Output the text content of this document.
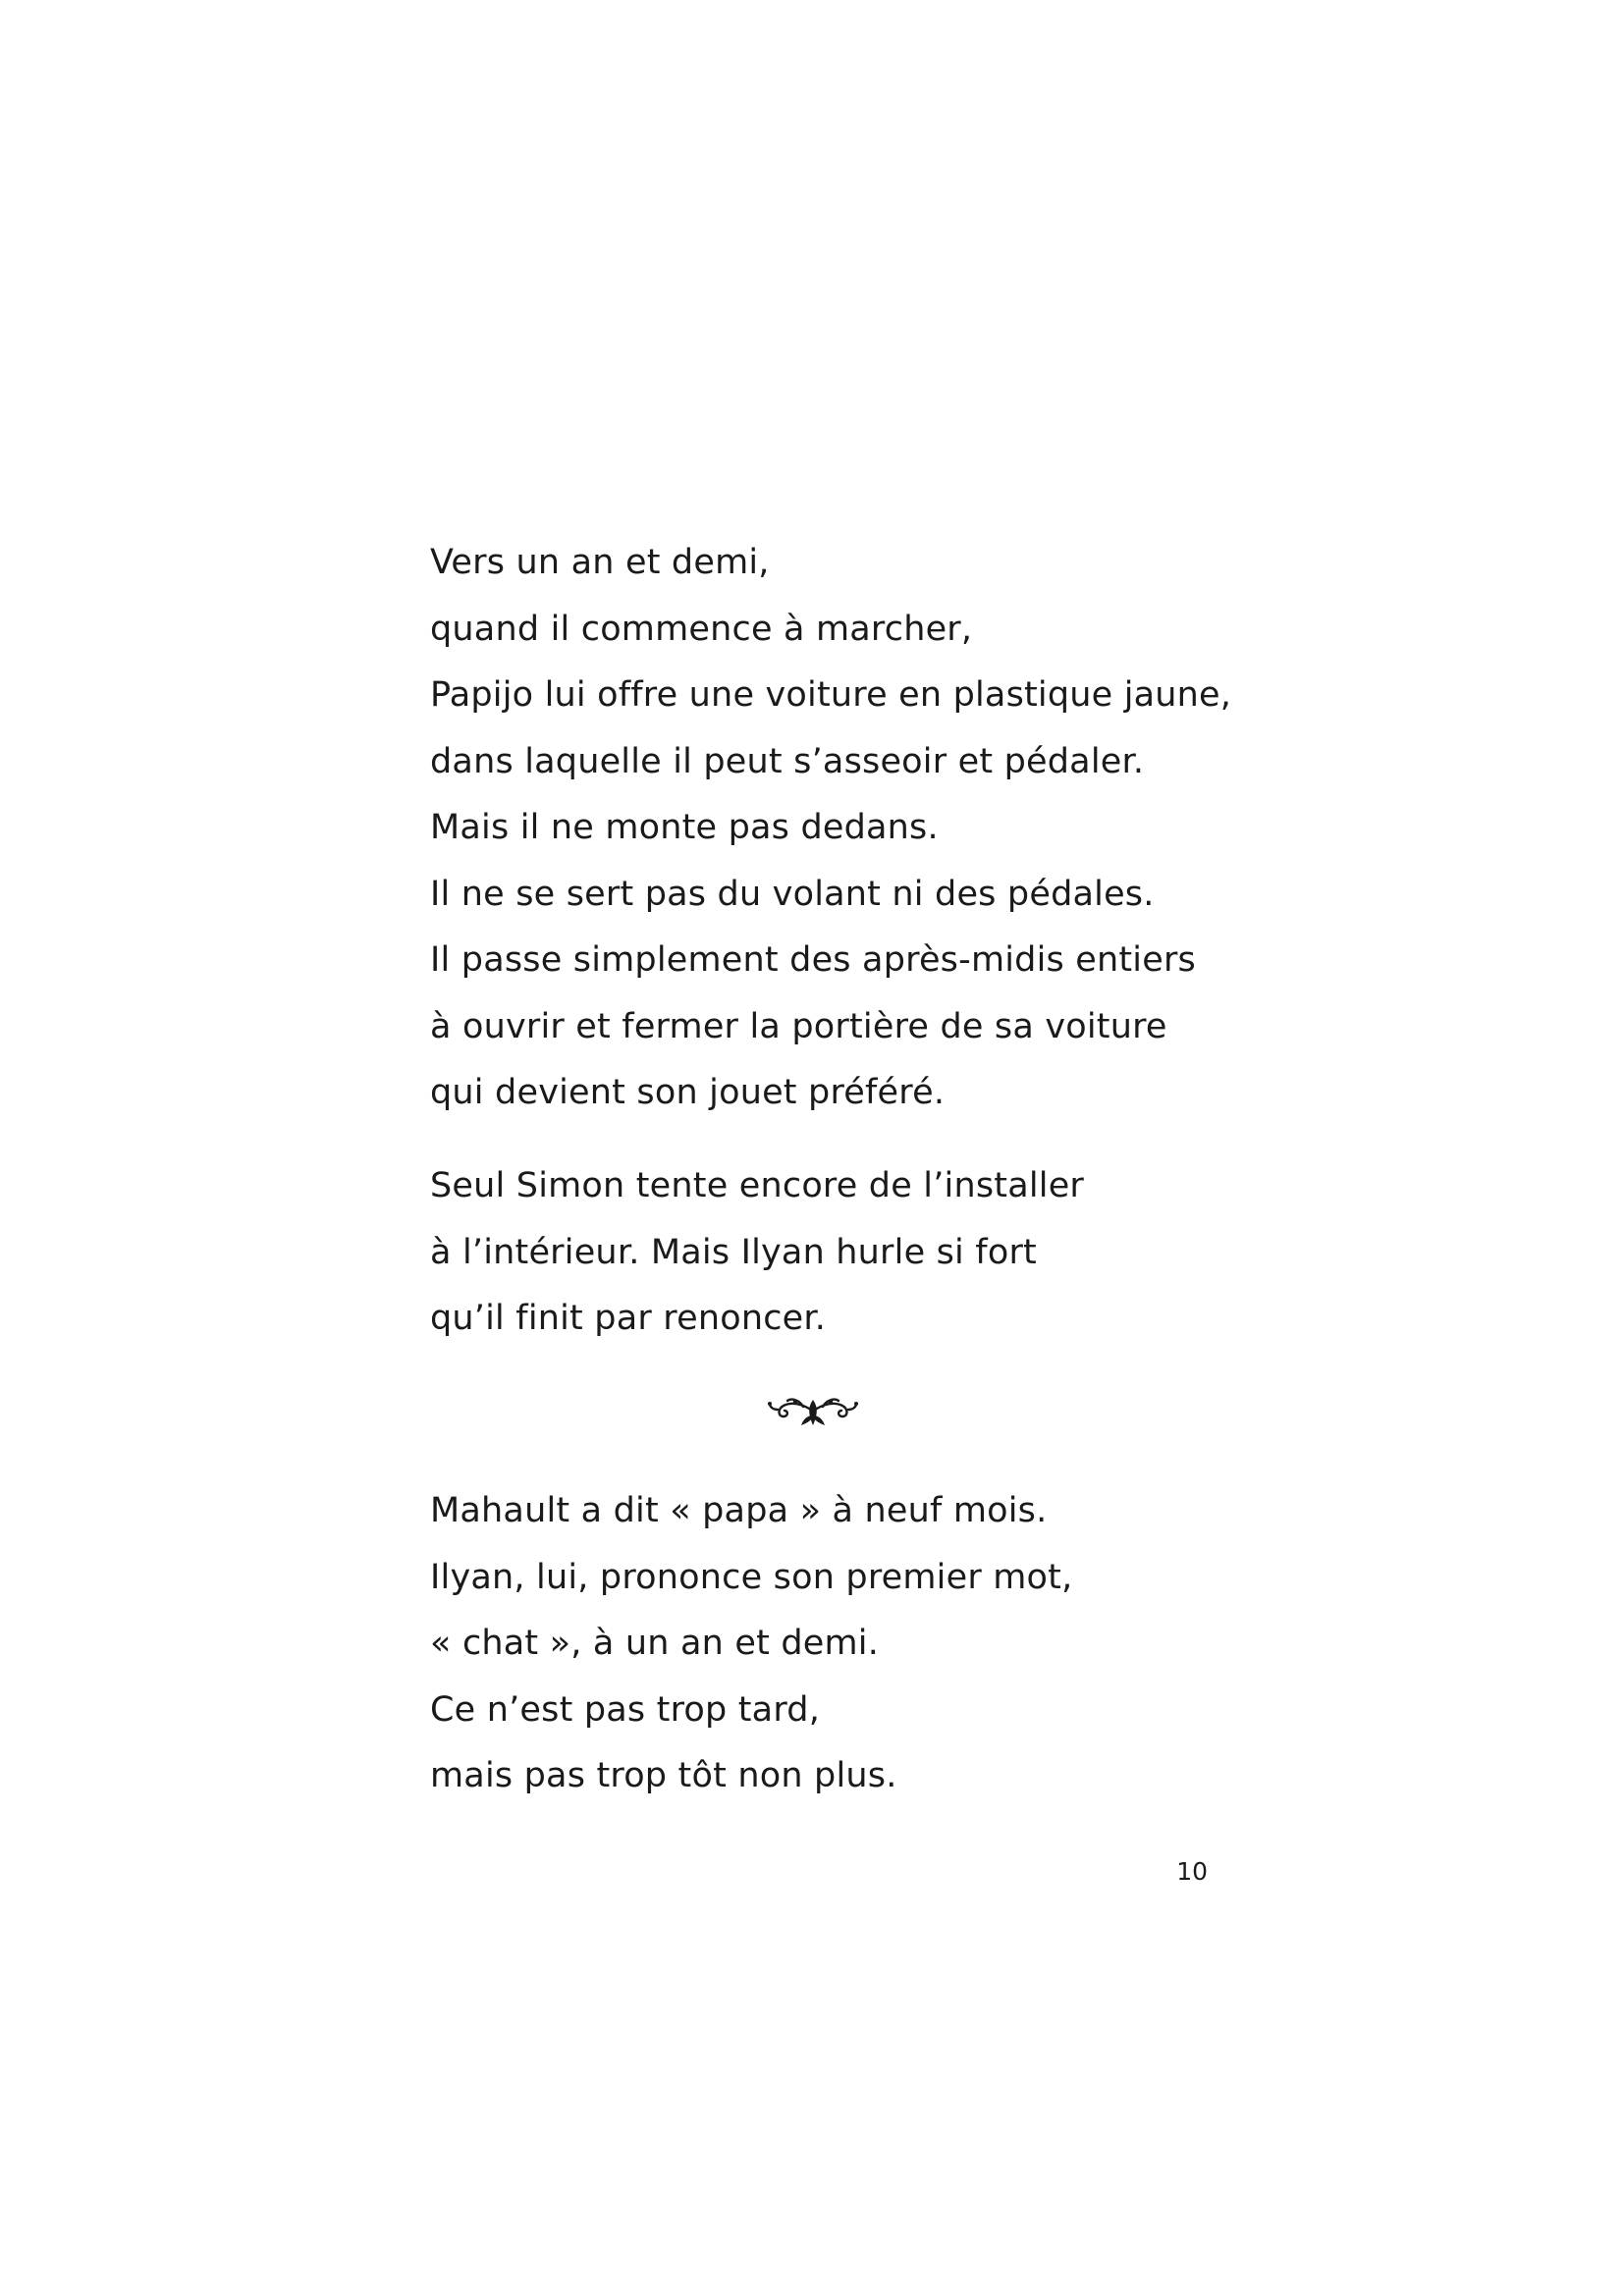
Vers un an et demi,
quand il commence à marcher,
Papijo lui offre une voiture en plastique jaune,
dans laquelle il peut s’asseoir et pédaler.
Mais il ne monte pas dedans.
Il ne se sert pas du volant ni des pédales.
Il passe simplement des après-midis entiers
à ouvrir et fermer la portière de sa voiture
qui devient son jouet préféré.
Seul Simon tente encore de l’installer
à l’intérieur. Mais Ilyan hurle si fort
qu’il finit par renoncer.
Mahault a dit « papa » à neuf mois.
Ilyan, lui, prononce son premier mot,
« chat », à un an et demi.
Ce n’est pas trop tard,
mais pas trop tôt non plus.
10
